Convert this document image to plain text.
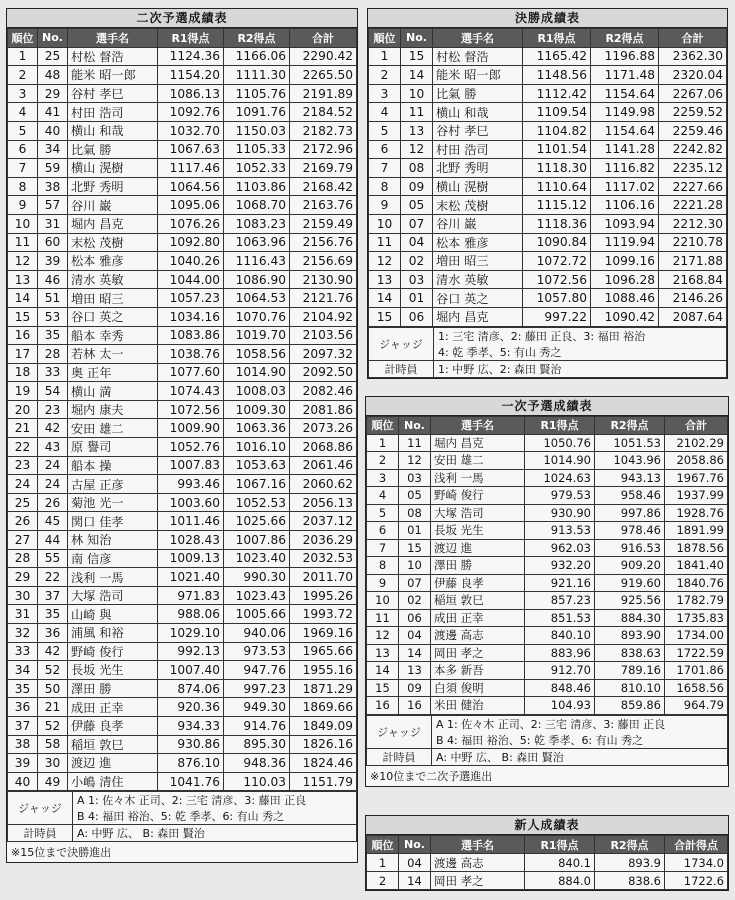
二次予選成績表
順位	No.	選手名	R1得点	R2得点	合計
1	25	村松 督浩	1124.36	1166.06	2290.42
2	48	能米 昭一郎	1154.20	1111.30	2265.50
3	29	谷村 孝巳	1086.13	1105.76	2191.89
4	41	村田 浩司	1092.76	1091.76	2184.52
5	40	横山 和哉	1032.70	1150.03	2182.73
6	34	比氣 勝	1067.63	1105.33	2172.96
7	59	横山 滉樹	1117.46	1052.33	2169.79
8	38	北野 秀明	1064.56	1103.86	2168.42
9	57	谷川 巌	1095.06	1068.70	2163.76
10	31	堀内 昌克	1076.26	1083.23	2159.49
11	60	末松 茂樹	1092.80	1063.96	2156.76
12	39	松本 雅彦	1040.26	1116.43	2156.69
13	46	清水 英敏	1044.00	1086.90	2130.90
14	51	増田 昭三	1057.23	1064.53	2121.76
15	53	谷口 英之	1034.16	1070.76	2104.92
16	35	船本 幸秀	1083.86	1019.70	2103.56
17	28	若林 太一	1038.76	1058.56	2097.32
18	33	奥 正年	1077.60	1014.90	2092.50
19	54	横山 満	1074.43	1008.03	2082.46
20	23	堀内 康夫	1072.56	1009.30	2081.86
21	42	安田 雄二	1009.90	1063.36	2073.26
22	43	原 譽司	1052.76	1016.10	2068.86
23	24	船本 操	1007.83	1053.63	2061.46
24	24	古屋 正彦	993.46	1067.16	2060.62
25	26	菊池 光一	1003.60	1052.53	2056.13
26	45	関口 佳孝	1011.46	1025.66	2037.12
27	44	林 知治	1028.43	1007.86	2036.29
28	55	南 信彦	1009.13	1023.40	2032.53
29	22	浅利 一馬	1021.40	990.30	2011.70
30	37	大塚 浩司	971.83	1023.43	1995.26
31	35	山崎 與	988.06	1005.66	1993.72
32	36	浦風 和裕	1029.10	940.06	1969.16
33	42	野崎 俊行	992.13	973.53	1965.66
34	52	長坂 光生	1007.40	947.76	1955.16
35	50	澤田 勝	874.06	997.23	1871.29
36	21	成田 正幸	920.36	949.30	1869.66
37	52	伊藤 良孝	934.33	914.76	1849.09
38	58	稲垣 敦巳	930.86	895.30	1826.16
39	30	渡辺 進	876.10	948.36	1824.46
40	49	小嶋 清住	1041.76	110.03	1151.79
ジャッジ	A 1: 佐々木 正司、2: 三宅 清彦、3: 藤田 正良
B 4: 福田 裕治、5: 乾 季孝、6: 有山 秀之

計時員	A: 中野 広、 B: 森田 賢治
※15位まで決勝進出
決勝成績表
順位	No.	選手名	R1得点	R2得点	合計
1	15	村松 督浩	1165.42	1196.88	2362.30
2	14	能米 昭一郎	1148.56	1171.48	2320.04
3	10	比氣 勝	1112.42	1154.64	2267.06
4	11	横山 和哉	1109.54	1149.98	2259.52
5	13	谷村 孝巳	1104.82	1154.64	2259.46
6	12	村田 浩司	1101.54	1141.28	2242.82
7	08	北野 秀明	1118.30	1116.82	2235.12
8	09	横山 滉樹	1110.64	1117.02	2227.66
9	05	末松 茂樹	1115.12	1106.16	2221.28
10	07	谷川 巌	1118.36	1093.94	2212.30
11	04	松本 雅彦	1090.84	1119.94	2210.78
12	02	増田 昭三	1072.72	1099.16	2171.88
13	03	清水 英敏	1072.56	1096.28	2168.84
14	01	谷口 英之	1057.80	1088.46	2146.26
15	06	堀内 昌克	997.22	1090.42	2087.64
ジャッジ	1: 三宅 清彦、2: 藤田 正良、3: 福田 裕治
4: 乾 季孝、5: 有山 秀之

計時員	1: 中野 広、2: 森田 賢治
一次予選成績表
順位	No.	選手名	R1得点	R2得点	合計
1	11	堀内 昌克	1050.76	1051.53	2102.29
2	12	安田 雄二	1014.90	1043.96	2058.86
3	03	浅利 一馬	1024.63	943.13	1967.76
4	05	野崎 俊行	979.53	958.46	1937.99
5	08	大塚 浩司	930.90	997.86	1928.76
6	01	長坂 光生	913.53	978.46	1891.99
7	15	渡辺 進	962.03	916.53	1878.56
8	10	澤田 勝	932.20	909.20	1841.40
9	07	伊藤 良孝	921.16	919.60	1840.76
10	02	稲垣 敦巳	857.23	925.56	1782.79
11	06	成田 正幸	851.53	884.30	1735.83
12	04	渡邊 高志	840.10	893.90	1734.00
13	14	岡田 孝之	883.96	838.63	1722.59
14	13	本多 新吾	912.70	789.16	1701.86
15	09	白須 俊明	848.46	810.10	1658.56
16	16	米田 健治	104.93	859.86	964.79
ジャッジ	A 1: 佐々木 正司、2: 三宅 清彦、3: 藤田 正良
B 4: 福田 裕治、5: 乾 季孝、6: 有山 秀之

計時員	A: 中野 広、 B: 森田 賢治
※10位まで二次予選進出
新人成績表
順位	No.	選手名	R1得点	R2得点	合計得点
1	04	渡邊 高志	840.1	893.9	1734.0
2	14	岡田 孝之	884.0	838.6	1722.6
